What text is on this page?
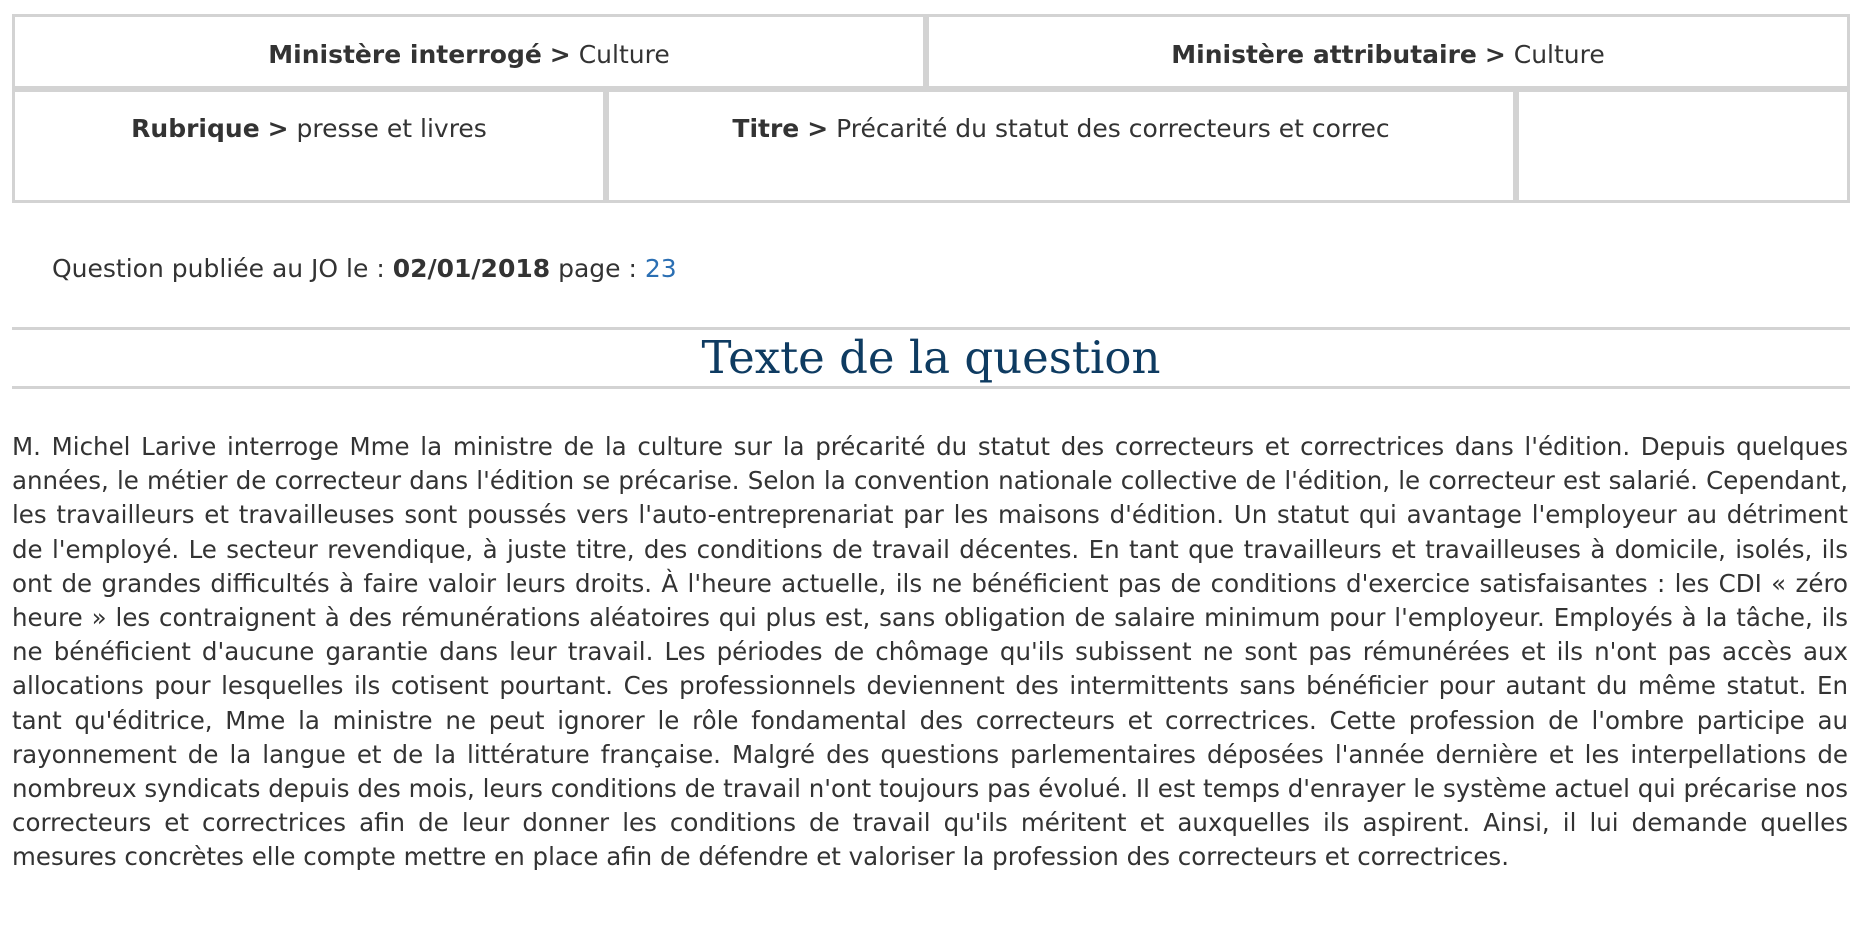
Ministère interrogé > Culture		Ministère attributaire > Culture	
Rubrique > presse et livres	Titre > Précarité du statut des correcteurs et correc		
Question publiée au JO le : 02/01/2018 page : 23
Texte de la question

M. Michel Larive interroge Mme la ministre de la culture sur la précarité du statut des correcteurs et correctrices dans l'édition. Depuis quelques années, le métier de correcteur dans l'édition se précarise. Selon la convention nationale collective de l'édition, le correcteur est salarié. Cependant, les travailleurs et travailleuses sont poussés vers l'auto-entreprenariat par les maisons d'édition. Un statut qui avantage l'employeur au détriment de l'employé. Le secteur revendique, à juste titre, des conditions de travail décentes. En tant que travailleurs et travailleuses à domicile, isolés, ils ont de grandes difficultés à faire valoir leurs droits. À l'heure actuelle, ils ne bénéficient pas de conditions d'exercice satisfaisantes : les CDI « zéro heure » les contraignent à des rémunérations aléatoires qui plus est, sans obligation de salaire minimum pour l'employeur. Employés à la tâche, ils ne bénéficient d'aucune garantie dans leur travail. Les périodes de chômage qu'ils subissent ne sont pas rémunérées et ils n'ont pas accès aux allocations pour lesquelles ils cotisent pourtant. Ces professionnels deviennent des intermittents sans bénéficier pour autant du même statut. En tant qu'éditrice, Mme la ministre ne peut ignorer le rôle fondamental des correcteurs et correctrices. Cette profession de l'ombre participe au rayonnement de la langue et de la littérature française. Malgré des questions parlementaires déposées l'année dernière et les interpellations de nombreux syndicats depuis des mois, leurs conditions de travail n'ont toujours pas évolué. Il est temps d'enrayer le système actuel qui précarise nos correcteurs et correctrices afin de leur donner les conditions de travail qu'ils méritent et auxquelles ils aspirent. Ainsi, il lui demande quelles mesures concrètes elle compte mettre en place afin de défendre et valoriser la profession des correcteurs et correctrices.
